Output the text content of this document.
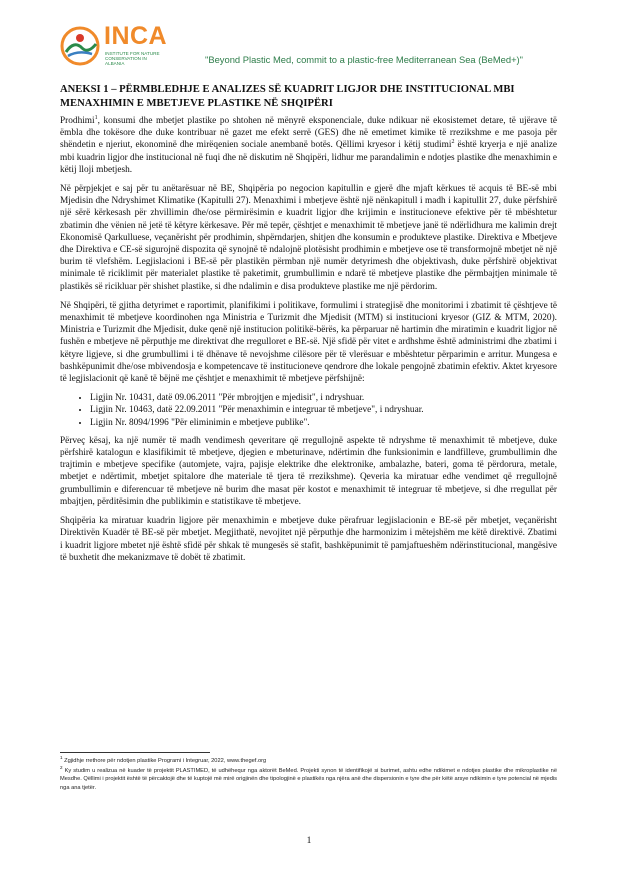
INCA
INSTITUTE FOR NATURE CONSERVATION IN ALBANIA	"Beyond Plastic Med, commit to a plastic-free Mediterranean Sea (BeMed+)"
ANEKSI 1 – PËRMBLEDHJE E ANALIZES SË KUADRIT LIGJOR DHE INSTITUCIONAL MBI MENAXHIMIN E MBETJEVE PLASTIKE NË SHQIPËRI

Prodhimi$^1$, konsumi dhe mbetjet plastike po shtohen në mënyrë eksponenciale, duke ndikuar në ekosistemet detare, të ujërave të ëmbla dhe tokësore dhe duke kontribuar në gazet me efekt serrë (GES) dhe në emetimet kimike të rrezikshme e me pasoja për shëndetin e njeriut, ekonominë dhe mirëqenien sociale anembanë botës. Qëllimi kryesor i këtij studimi$^2$ është kryerja e një analize mbi kuadrin ligjor dhe institucional në fuqi dhe në diskutim në Shqipëri, lidhur me parandalimin e ndotjes plastike dhe menaxhimin e këtij lloji mbetjesh.

Në përpjekjet e saj për tu anëtarësuar në BE, Shqipëria po negocion kapitullin e gjerë dhe mjaft kërkues të acquis të BE-së mbi Mjedisin dhe Ndryshimet Klimatike (Kapitulli 27). Menaxhimi i mbetjeve është një nënkapitull i madh i kapitullit 27, duke përfshirë një sërë kërkesash për zhvillimin dhe/ose përmirësimin e kuadrit ligjor dhe krijimin e institucioneve efektive për të mbështetur zbatimin dhe vënien në jetë të këtyre kërkesave. Për më tepër, çështjet e menaxhimit të mbetjeve janë të ndërlidhura me kalimin drejt Ekonomisë Qarkulluese, veçanërisht për prodhimin, shpërndarjen, shitjen dhe konsumin e produkteve plastike. Direktiva e Mbetjeve dhe Direktiva e CE-së sigurojnë dispozita që synojnë të ndalojnë plotësisht prodhimin e mbetjeve ose të transformojnë mbetjet në një burim të vlefshëm. Legjislacioni i BE-së për plastikën përmban një numër detyrimesh dhe objektivash, duke përfshirë objektivat minimale të riciklimit për materialet plastike të paketimit, grumbullimin e ndarë të mbetjeve plastike dhe përmbajtjen minimale të plastikës së ricikluar për shishet plastike, si dhe ndalimin e disa produkteve plastike me një përdorim.

Në Shqipëri, të gjitha detyrimet e raportimit, planifikimi i politikave, formulimi i strategjisë dhe monitorimi i zbatimit të çështjeve të menaxhimit të mbetjeve koordinohen nga Ministria e Turizmit dhe Mjedisit (MTM) si institucioni kryesor (GIZ & MTM, 2020). Ministria e Turizmit dhe Mjedisit, duke qenë një institucion politikë-bërës, ka përparuar në hartimin dhe miratimin e kuadrit ligjor në fushën e mbetjeve në përputhje me direktivat dhe rregulloret e BE-së. Një sfidë për vitet e ardhshme është administrimi dhe zbatimi i këtyre ligjeve, si dhe grumbullimi i të dhënave të nevojshme cilësore për të vlerësuar e mbështetur përparimin e arritur. Mungesa e bashkëpunimit dhe/ose mbivendosja e kompetencave të institucioneve qendrore dhe lokale pengojnë zbatimin efektiv. Aktet kryesore të legjislacionit që kanë të bëjnë me çështjet e menaxhimit të mbetjeve përfshijnë:

• Ligjin Nr. 10431, datë 09.06.2011 "Për mbrojtjen e mjedisit", i ndryshuar.
• Ligjin Nr. 10463, datë 22.09.2011 "Për menaxhimin e integruar të mbetjeve", i ndryshuar.
• Ligjin Nr. 8094/1996 "Për eliminimin e mbetjeve publike".

Përveç kësaj, ka një numër të madh vendimesh qeveritare që rregullojnë aspekte të ndryshme të menaxhimit të mbetjeve, duke përfshirë katalogun e klasifikimit të mbetjeve, djegien e mbeturinave, ndërtimin dhe funksionimin e landfilleve, grumbullimin dhe trajtimin e mbetjeve specifike (automjete, vajra, pajisje elektrike dhe elektronike, ambalazhe, bateri, goma të përdorura, metale, mbetjet e ndërtimit, mbetjet spitalore dhe materiale të tjera të rrezikshme). Qeveria ka miratuar edhe vendimet që rregullojnë grumbullimin e diferencuar të mbetjeve në burim dhe masat për kostot e menaxhimit të integruar të mbetjeve, si dhe rregullat për mbajtjen, përditësimin dhe publikimin e statistikave të mbetjeve.

Shqipëria ka miratuar kuadrin ligjore për menaxhimin e mbetjeve duke përafruar legjislacionin e BE-së për mbetjet, veçanërisht Direktivën Kuadër të BE-së për mbetjet. Megjithatë, nevojitet një përputhje dhe harmonizim i mëtejshëm me këtë direktivë. Zbatimi i kuadrit ligjore mbetet një është sfidë për shkak të mungesës së stafit, bashkëpunimit të pamjaftueshëm ndërinstitucional, mangësive të buxhetit dhe mekanizmave të dobët të zbatimit.

$^1$ Zgjidhje rrethore për ndotjen plastike Programi i Integruar, 2022, www.thegef.org

$^2$ Ky studim u realizua në kuader të projektit PLASTIMED, të udhëhequr nga aktorët BeMed. Projekti synon të identifikojë si burimet, ashtu edhe ndikimet e ndotjes plastike dhe mikroplastike në Mesdhe. Qëllimi i projektit është të përcaktojë dhe të kuptojë më mirë origjinën dhe tipologjinë e plastikës nga njëra anë dhe dispersionin e tyre dhe për këtë arsye ndikimin e tyre potencial në mjedis nga ana tjetër.

1
